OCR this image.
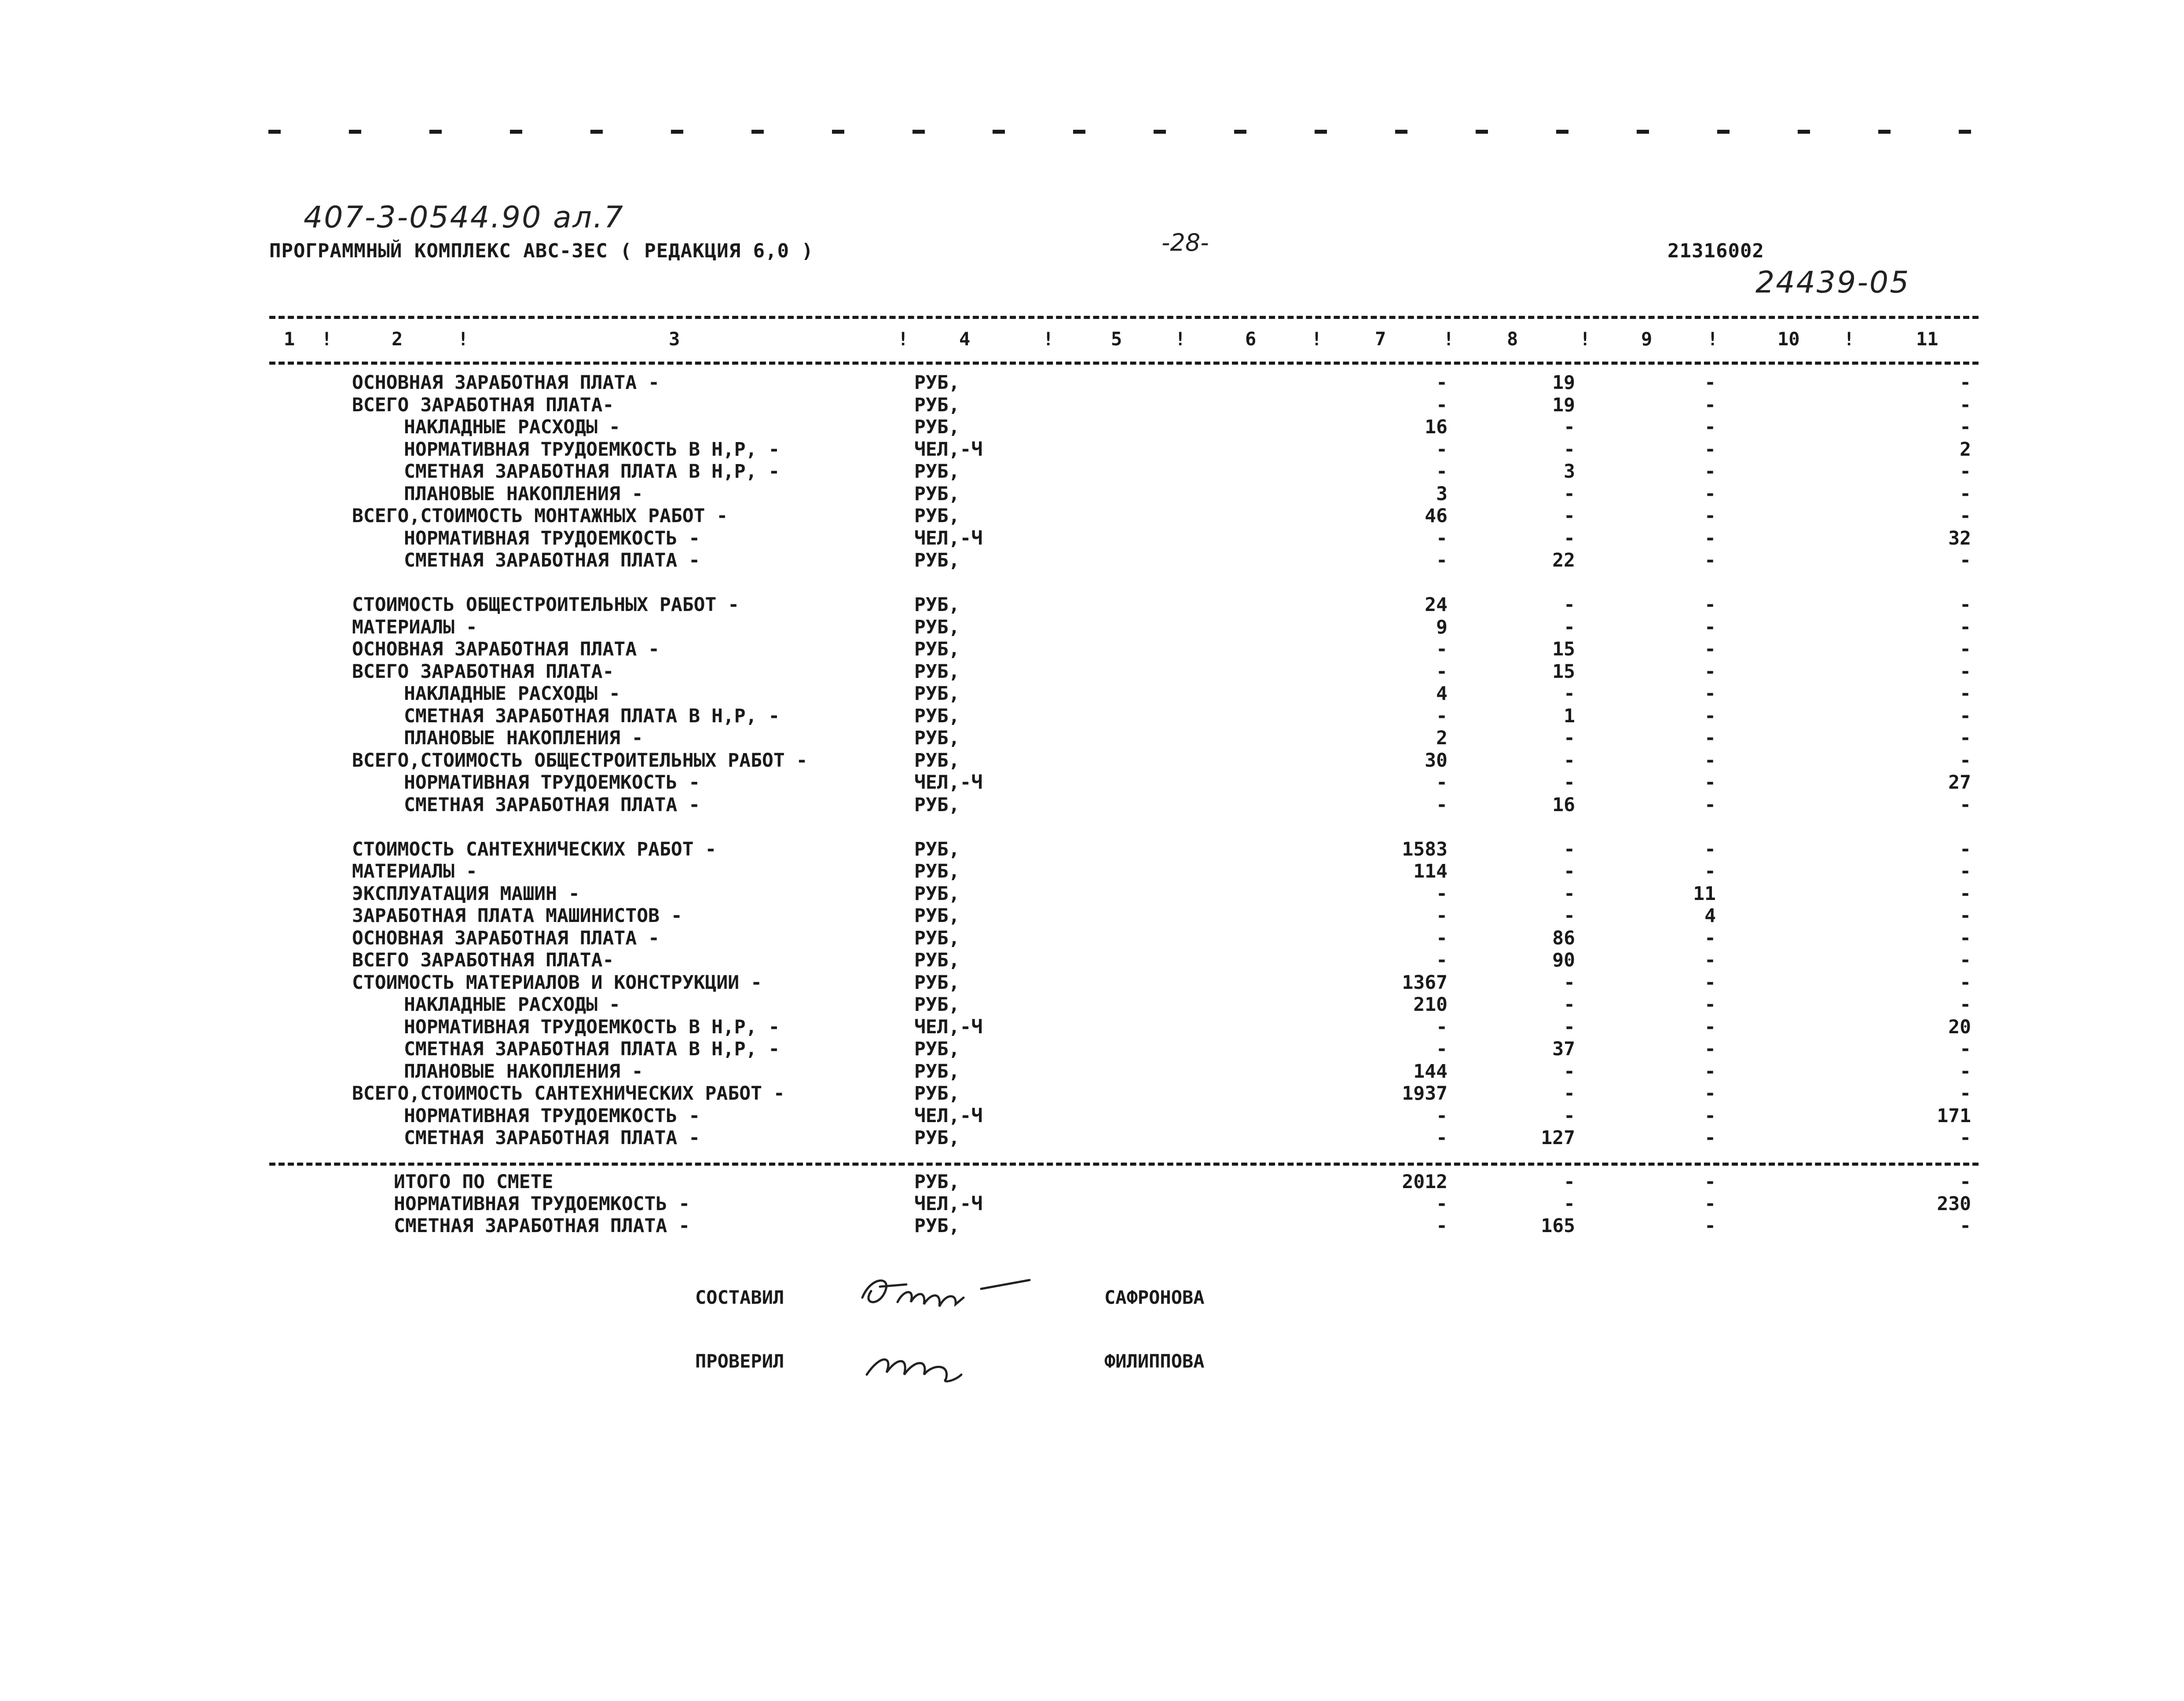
407-3-0544.90 ал.7
-28-
24439-05
ПРОГРАММНЫЙ КОМПЛЕКС АВС-ЗЕС ( РЕДАКЦИЯ 6,0 )	21316002
1	2	3	4	5	6	7	8	9	10	11
!	!	!	!	!	!	!	!	!	!
ОСНОВНАЯ ЗАРАБОТНАЯ ПЛАТА -	РУБ,	-	19	-	-
ВСЕГО ЗАРАБОТНАЯ ПЛАТА-	РУБ,	-	19	-	-
НАКЛАДНЫЕ РАСХОДЫ -	РУБ,	16	-	-	-
НОРМАТИВНАЯ ТРУДОЕМКОСТЬ В Н,Р, -	ЧЕЛ,-Ч	-	-	-	2
СМЕТНАЯ ЗАРАБОТНАЯ ПЛАТА В Н,Р, -	РУБ,	-	3	-	-
ПЛАНОВЫЕ НАКОПЛЕНИЯ -	РУБ,	3	-	-	-
ВСЕГО,СТОИМОСТЬ МОНТАЖНЫХ РАБОТ -	РУБ,	46	-	-	-
НОРМАТИВНАЯ ТРУДОЕМКОСТЬ -	ЧЕЛ,-Ч	-	-	-	32
СМЕТНАЯ ЗАРАБОТНАЯ ПЛАТА -	РУБ,	-	22	-	-
СТОИМОСТЬ ОБЩЕСТРОИТЕЛЬНЫХ РАБОТ -	РУБ,	24	-	-	-
МАТЕРИАЛЫ -	РУБ,	9	-	-	-
ОСНОВНАЯ ЗАРАБОТНАЯ ПЛАТА -	РУБ,	-	15	-	-
ВСЕГО ЗАРАБОТНАЯ ПЛАТА-	РУБ,	-	15	-	-
НАКЛАДНЫЕ РАСХОДЫ -	РУБ,	4	-	-	-
СМЕТНАЯ ЗАРАБОТНАЯ ПЛАТА В Н,Р, -	РУБ,	-	1	-	-
ПЛАНОВЫЕ НАКОПЛЕНИЯ -	РУБ,	2	-	-	-
ВСЕГО,СТОИМОСТЬ ОБЩЕСТРОИТЕЛЬНЫХ РАБОТ -	РУБ,	30	-	-	-
НОРМАТИВНАЯ ТРУДОЕМКОСТЬ -	ЧЕЛ,-Ч	-	-	-	27
СМЕТНАЯ ЗАРАБОТНАЯ ПЛАТА -	РУБ,	-	16	-	-
СТОИМОСТЬ САНТЕХНИЧЕСКИХ РАБОТ -	РУБ,	1583	-	-	-
МАТЕРИАЛЫ -	РУБ,	114	-	-	-
ЭКСПЛУАТАЦИЯ МАШИН -	РУБ,	-	-	11	-
ЗАРАБОТНАЯ ПЛАТА МАШИНИСТОВ -	РУБ,	-	-	4	-
ОСНОВНАЯ ЗАРАБОТНАЯ ПЛАТА -	РУБ,	-	86	-	-
ВСЕГО ЗАРАБОТНАЯ ПЛАТА-	РУБ,	-	90	-	-
СТОИМОСТЬ МАТЕРИАЛОВ И КОНСТРУКЦИИ -	РУБ,	1367	-	-	-
НАКЛАДНЫЕ РАСХОДЫ -	РУБ,	210	-	-	-
НОРМАТИВНАЯ ТРУДОЕМКОСТЬ В Н,Р, -	ЧЕЛ,-Ч	-	-	-	20
СМЕТНАЯ ЗАРАБОТНАЯ ПЛАТА В Н,Р, -	РУБ,	-	37	-	-
ПЛАНОВЫЕ НАКОПЛЕНИЯ -	РУБ,	144	-	-	-
ВСЕГО,СТОИМОСТЬ САНТЕХНИЧЕСКИХ РАБОТ -	РУБ,	1937	-	-	-
НОРМАТИВНАЯ ТРУДОЕМКОСТЬ -	ЧЕЛ,-Ч	-	-	-	171
СМЕТНАЯ ЗАРАБОТНАЯ ПЛАТА -	РУБ,	-	127	-	-
ИТОГО ПО СМЕТЕ	РУБ,	2012	-	-	-
НОРМАТИВНАЯ ТРУДОЕМКОСТЬ -	ЧЕЛ,-Ч	-	-	-	230
СМЕТНАЯ ЗАРАБОТНАЯ ПЛАТА -	РУБ,	-	165	-	-
СОСТАВИЛ	САФРОНОВА
ПРОВЕРИЛ	ФИЛИППОВА
